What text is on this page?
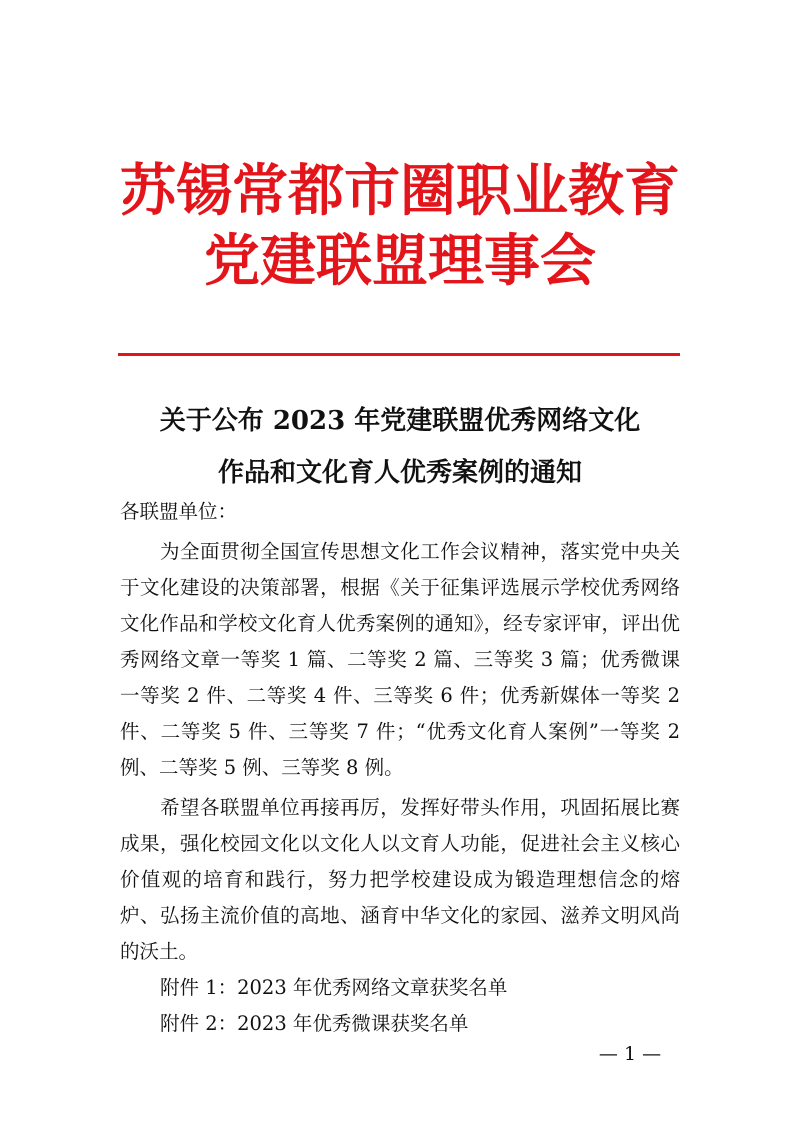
苏锡常都市圈职业教育
党建联盟理事会
关于公布 2023 年党建联盟优秀网络文化
作品和文化育人优秀案例的通知
各联盟单位：
为全面贯彻全国宣传思想文化工作会议精神，落实党中央关于文化建设的决策部署，根据《关于征集评选展示学校优秀网络文化作品和学校文化育人优秀案例的通知》，经专家评审，评出优秀网络文章一等奖 1 篇、二等奖 2 篇、三等奖 3 篇；优秀微课一等奖 2 件、二等奖 4 件、三等奖 6 件；优秀新媒体一等奖 2 件、二等奖 5 件、三等奖 7 件；“优秀文化育人案例”一等奖 2 例、二等奖 5 例、三等奖 8 例。
希望各联盟单位再接再厉，发挥好带头作用，巩固拓展比赛成果，强化校园文化以文化人以文育人功能，促进社会主义核心价值观的培育和践行，努力把学校建设成为锻造理想信念的熔炉、弘扬主流价值的高地、涵育中华文化的家园、滋养文明风尚的沃土。
附件 1：2023 年优秀网络文章获奖名单
附件 2：2023 年优秀微课获奖名单
— 1 —
